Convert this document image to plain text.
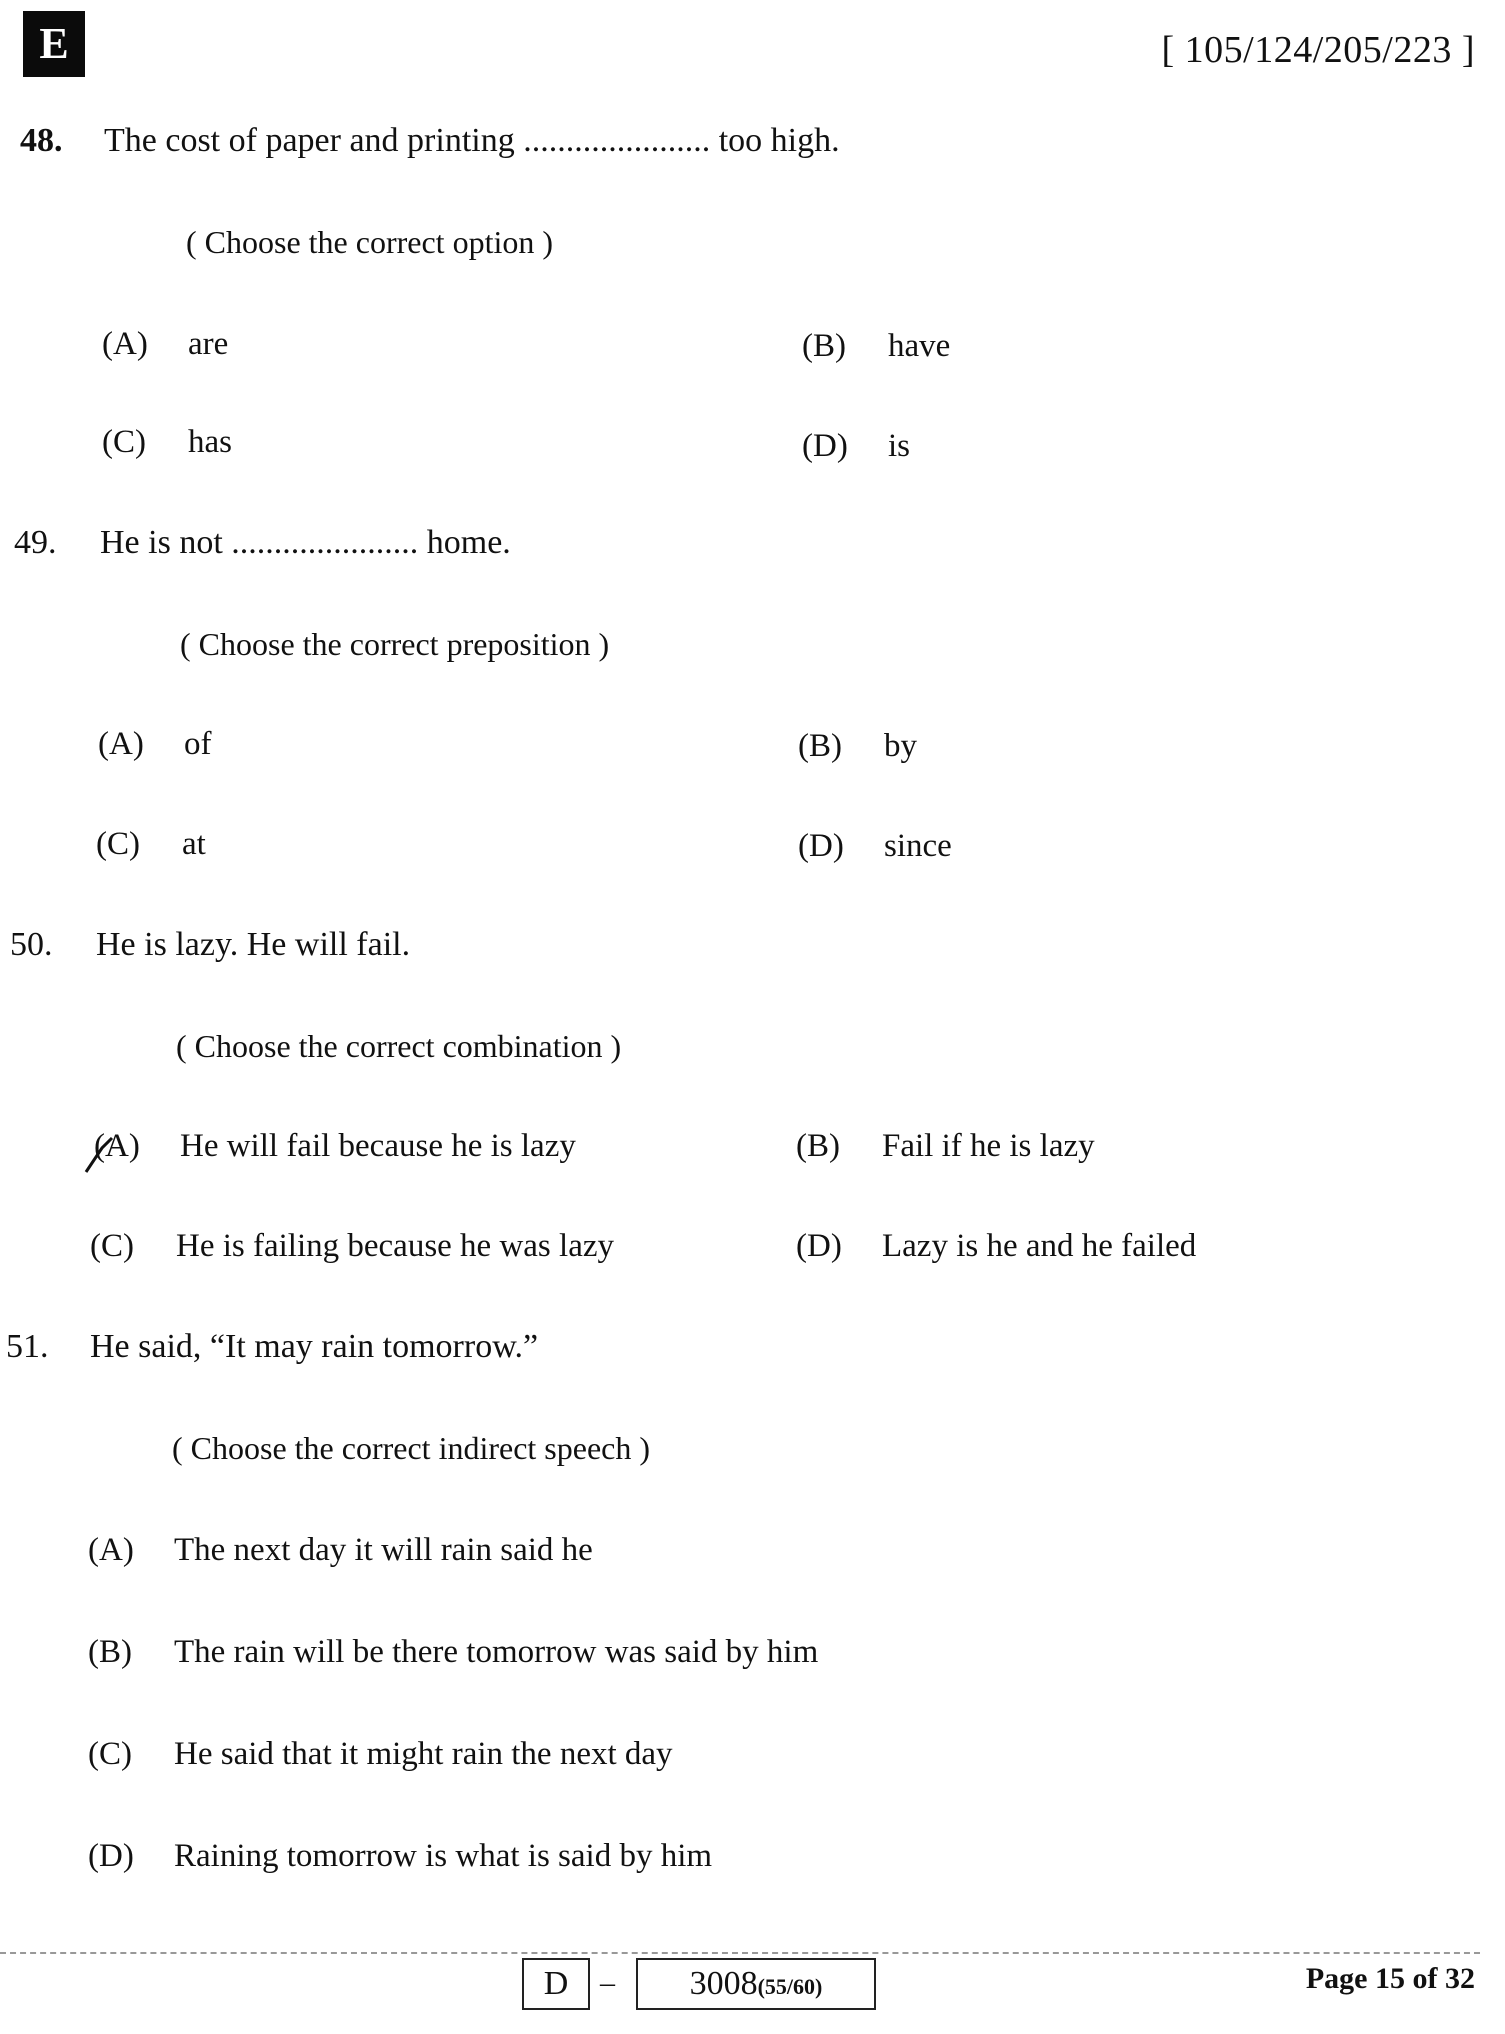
E	[ 105/124/205/223 ]
48. The cost of paper and printing ...................... too high.
( Choose the correct option )
(A) are	(B) have
(C) has	(D) is
49. He is not ...................... home.
( Choose the correct preposition )
(A) of	(B) by
(C) at	(D) since
50. He is lazy. He will fail.
( Choose the correct combination )
(A) He will fail because he is lazy	(B) Fail if he is lazy
(C) He is failing because he was lazy	(D) Lazy is he and he failed
51. He said, “It may rain tomorrow.”
( Choose the correct indirect speech )
(A) The next day it will rain said he
(B) The rain will be there tomorrow was said by him
(C) He said that it might rain the next day
(D) Raining tomorrow is what is said by him
D	–	3008(55/60)	Page 15 of 32
